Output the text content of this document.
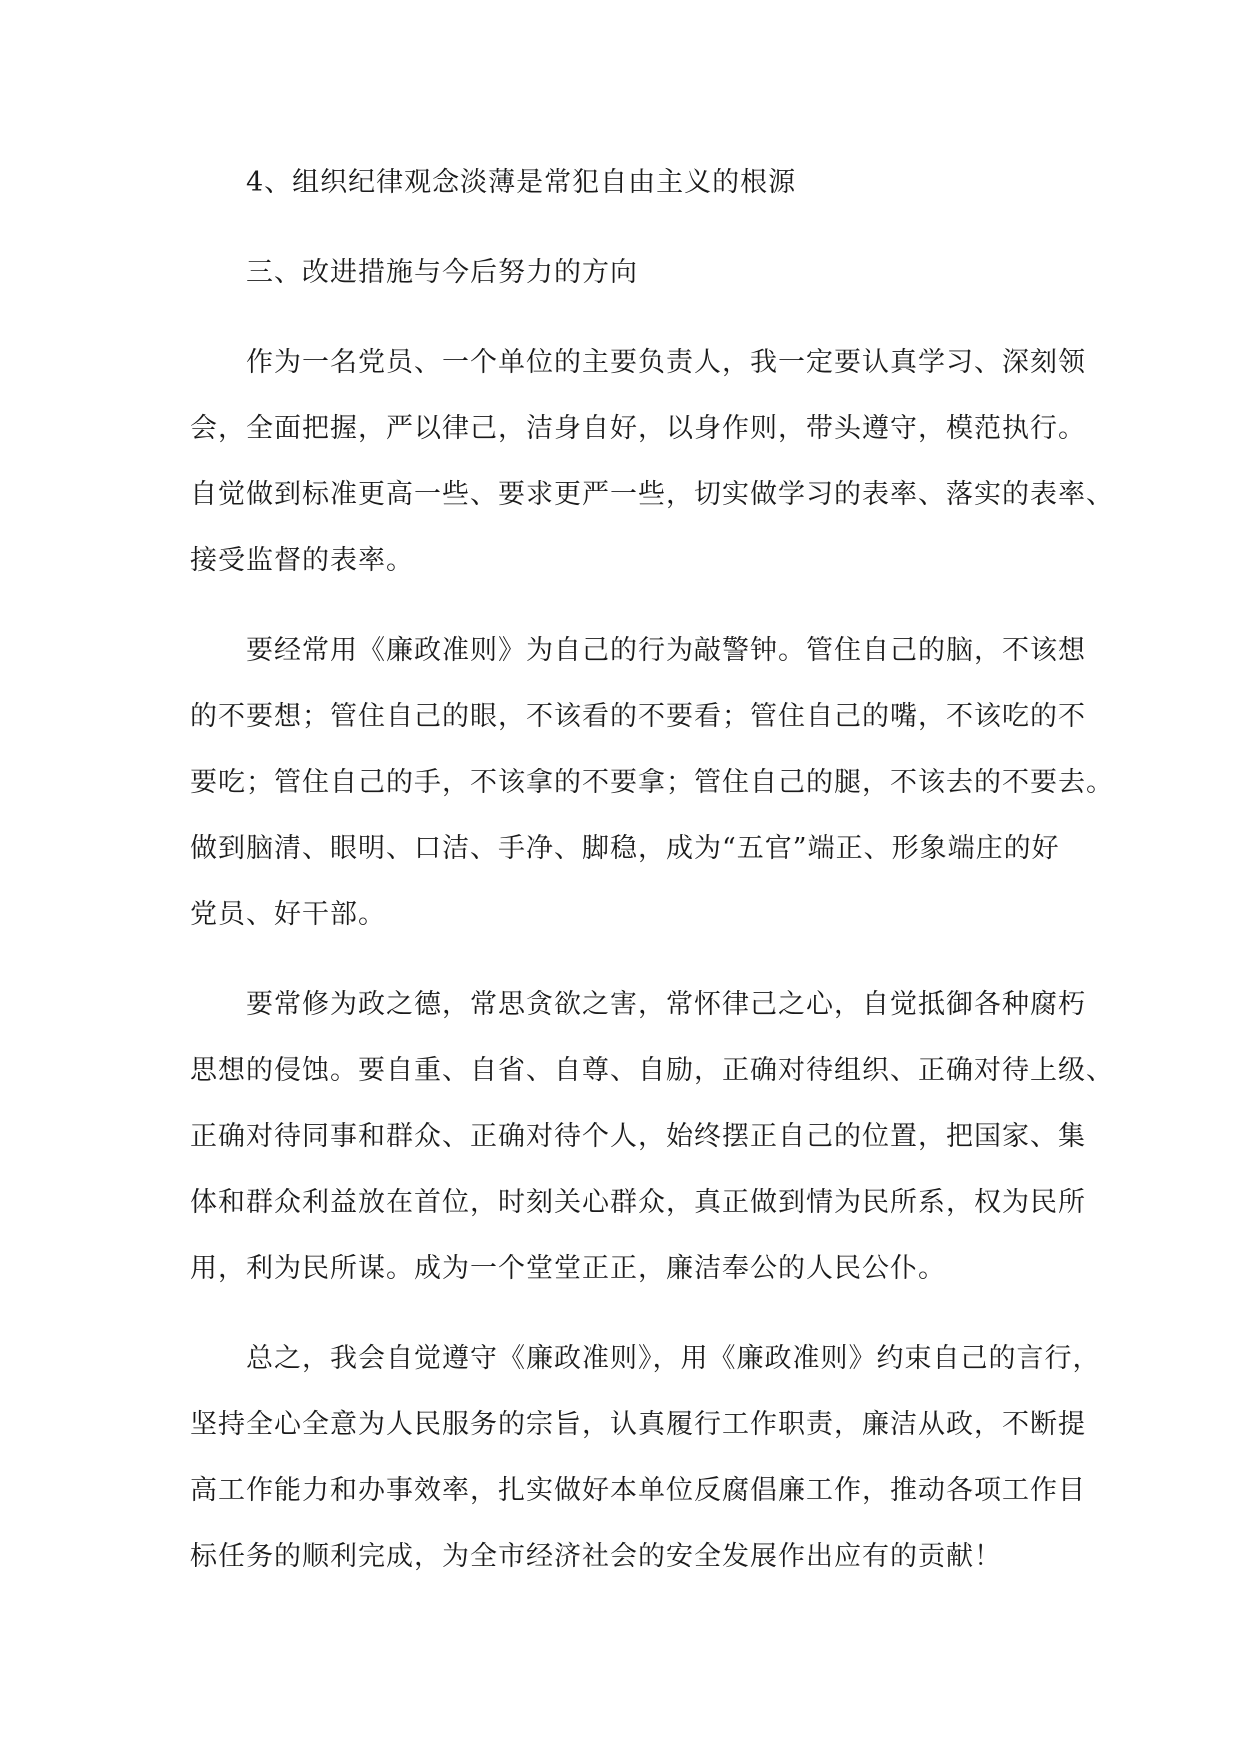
4、组织纪律观念淡薄是常犯自由主义的根源
三、改进措施与今后努力的方向
作为一名党员、一个单位的主要负责人，我一定要认真学习、深刻领
会，全面把握，严以律己，洁身自好，以身作则，带头遵守，模范执行。
自觉做到标准更高一些、要求更严一些，切实做学习的表率、落实的表率、
接受监督的表率。
要经常用《廉政准则》为自己的行为敲警钟。管住自己的脑，不该想
的不要想；管住自己的眼，不该看的不要看；管住自己的嘴，不该吃的不
要吃；管住自己的手，不该拿的不要拿；管住自己的腿，不该去的不要去。
做到脑清、眼明、口洁、手净、脚稳，成为“五官”端正、形象端庄的好
党员、好干部。
要常修为政之德，常思贪欲之害，常怀律己之心，自觉抵御各种腐朽
思想的侵蚀。要自重、自省、自尊、自励，正确对待组织、正确对待上级、
正确对待同事和群众、正确对待个人，始终摆正自己的位置，把国家、集
体和群众利益放在首位，时刻关心群众，真正做到情为民所系，权为民所
用，利为民所谋。成为一个堂堂正正，廉洁奉公的人民公仆。
总之，我会自觉遵守《廉政准则》，用《廉政准则》约束自己的言行，
坚持全心全意为人民服务的宗旨，认真履行工作职责，廉洁从政，不断提
高工作能力和办事效率，扎实做好本单位反腐倡廉工作，推动各项工作目
标任务的顺利完成，为全市经济社会的安全发展作出应有的贡献！
